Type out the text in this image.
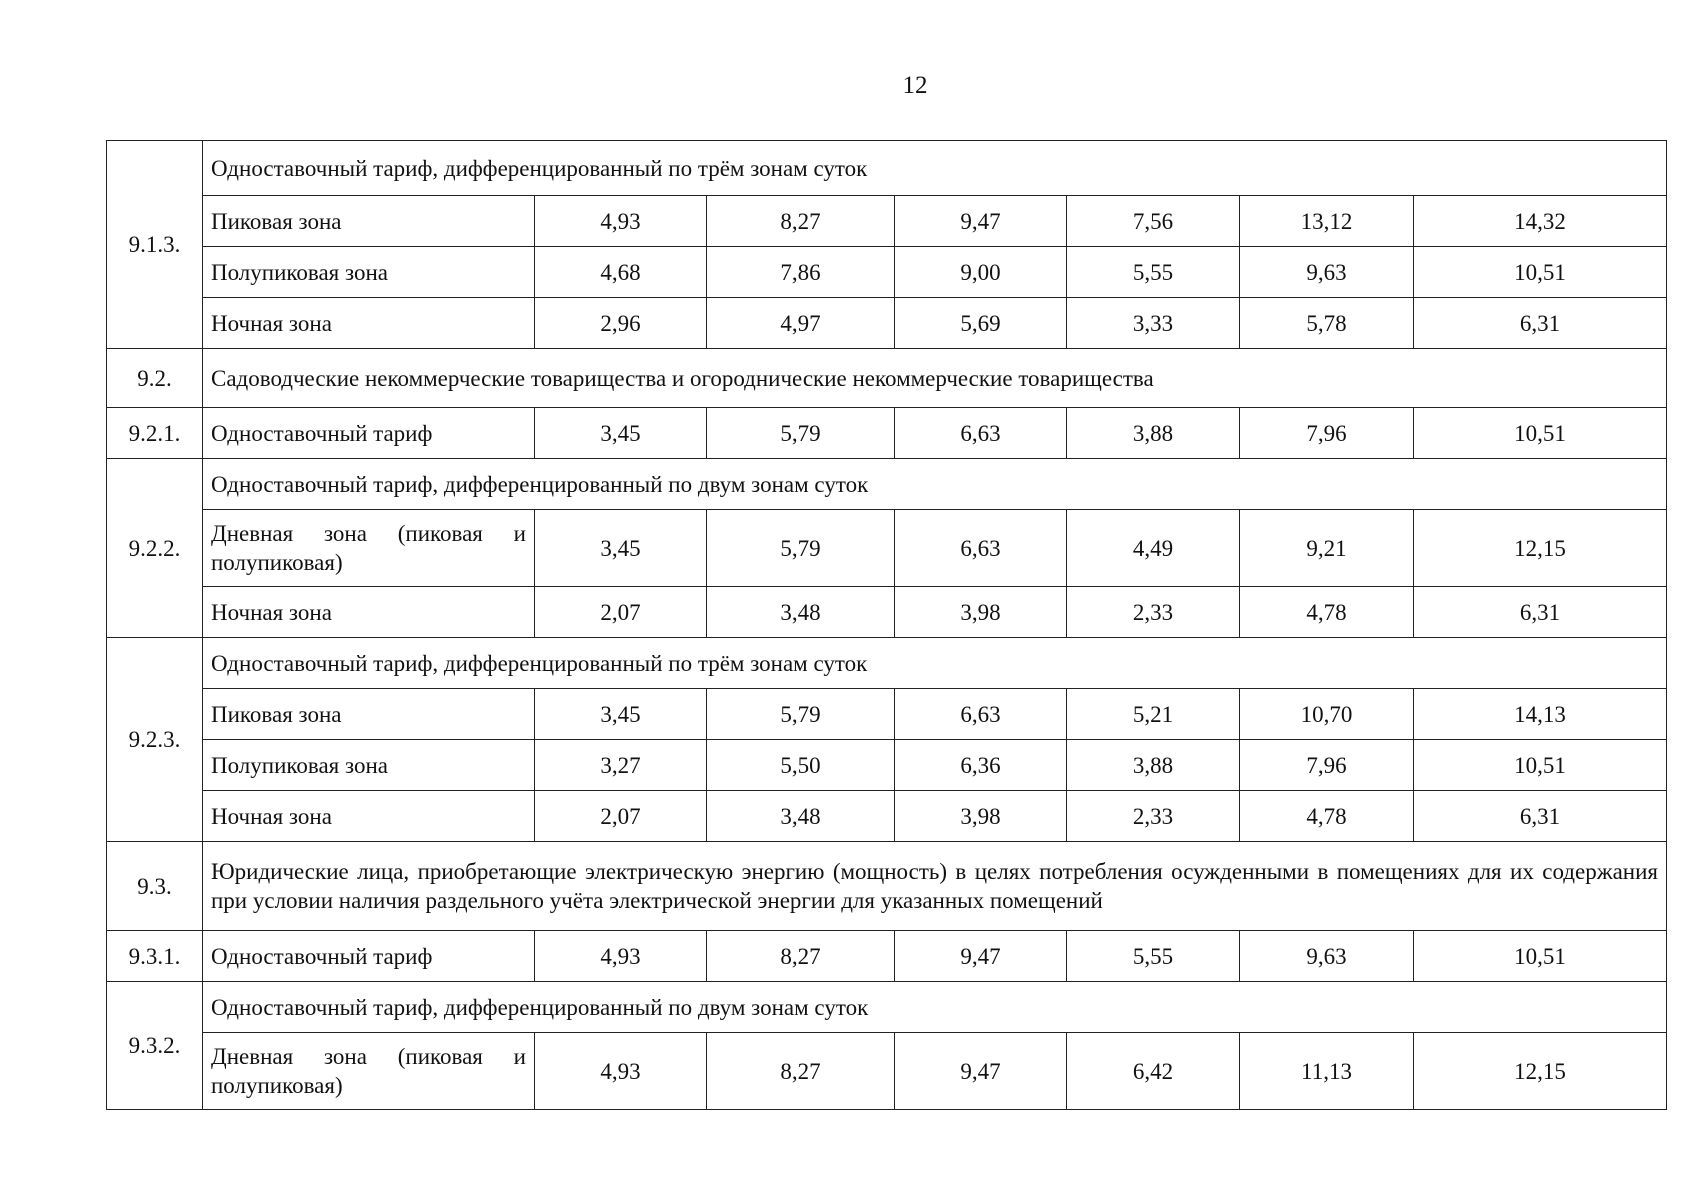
12
9.1.3.	Одноставочный тариф, дифференцированный по трём зонам суток						
	Пиковая зона	4,93	8,27	9,47	7,56	13,12	14,32
	Полупиковая зона	4,68	7,86	9,00	5,55	9,63	10,51
	Ночная зона	2,96	4,97	5,69	3,33	5,78	6,31
9.2.	Садоводческие некоммерческие товарищества и огороднические некоммерческие товарищества						
9.2.1.	Одноставочный тариф	3,45	5,79	6,63	3,88	7,96	10,51
9.2.2.	Одноставочный тариф, дифференцированный по двум зонам суток						
	Дневная зона (пиковая и полупиковая)	3,45	5,79	6,63	4,49	9,21	12,15
	Ночная зона	2,07	3,48	3,98	2,33	4,78	6,31
9.2.3.	Одноставочный тариф, дифференцированный по трём зонам суток						
	Пиковая зона	3,45	5,79	6,63	5,21	10,70	14,13
	Полупиковая зона	3,27	5,50	6,36	3,88	7,96	10,51
	Ночная зона	2,07	3,48	3,98	2,33	4,78	6,31
9.3.	Юридические лица, приобретающие электрическую энергию (мощность) в целях потребления осужденными в помещениях для их содержания при условии наличия раздельного учёта электрической энергии для указанных помещений						
9.3.1.	Одноставочный тариф	4,93	8,27	9,47	5,55	9,63	10,51
9.3.2.	Одноставочный тариф, дифференцированный по двум зонам суток						
	Дневная зона (пиковая и полупиковая)	4,93	8,27	9,47	6,42	11,13	12,15
